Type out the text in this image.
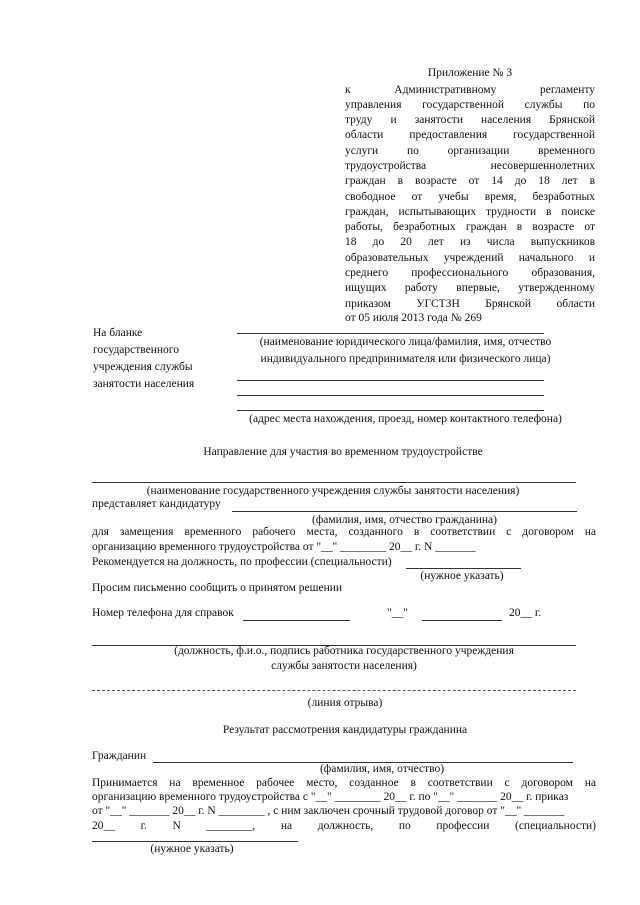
Приложение № 3
к Административному регламенту
управления государственной службы по
труду и занятости населения Брянской
области предоставления государственной
услуги по организации временного
трудоустройства несовершеннолетних
граждан в возрасте от 14 до 18 лет в
свободное от учебы время, безработных
граждан, испытывающих трудности в поиске
работы, безработных граждан в возрасте от
18 до 20 лет из числа выпускников
образовательных учреждений начального и
среднего профессионального образования,
ищущих работу впервые, утвержденному
приказом УГСТЗН Брянской области
от 05 июля 2013 года № 269
На бланке
государственного
учреждения службы
занятости населения
(наименование юридического лица/фамилия, имя, отчество
индивидуального предпринимателя или физического лица)
(адрес места нахождения, проезд, номер контактного телефона)
Направление для участия во временном трудоустройстве
(наименование государственного учреждения службы занятости населения)
представляет кандидатуру
(фамилия, имя, отчество гражданина)
для замещения временного рабочего места, созданного в соответствии с договором на
организацию временного трудоустройства от "__" ________ 20__ г. N _______
Рекомендуется на должность, по профессии (специальности)
(нужное указать)
Просим письменно сообщить о принятом решении
Номер телефона для справок	"__"	20__ г.
(должность, ф.и.о., подпись работника государственного учреждения
службы занятости населения)
(линия отрыва)
Результат рассмотрения кандидатуры гражданина
Гражданин
(фамилия, имя, отчество)
Принимается на временное рабочее место, созданное в соответствии с договором на
организацию временного трудоустройства с "__" ________ 20__ г. по "__" _______ 20__ г. приказ
от "__" _______ 20__ г. N ________ , с ним заключен срочный трудовой договор от "__" _______
20__ г. N ________, на должность, по профессии (специальности)
(нужное указать)
